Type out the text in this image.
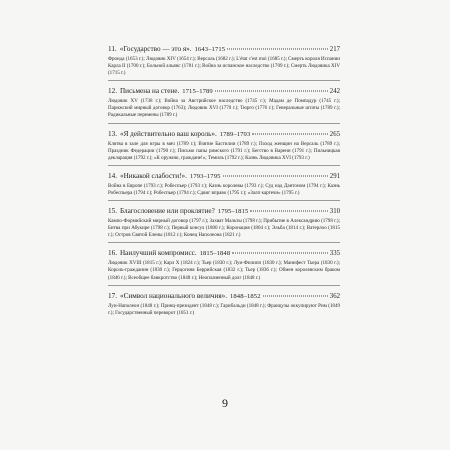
11. «Государство — это я». 1643–1715	217
Фронда (1653 г.); Людовик XIV (1654 г.); Версаль (1682 г.); L'état c'est moi (1685 г.); Смерть короля Испании Карла II (1700 г.); Больной альянс (1701 г.); Война за испанское наследство (1709 г.); Смерть Людовика XIV (1715 г.)
12. Письмена на стене. 1715–1789	242
Людовик XV (1738 г.); Война за Австрийское наследство (1745 г.); Мадам де Помпадур (1745 г.); Парижский мирный договор (1763); Людовик XVI (1770 г.); Тюрго (1776 г.); Генеральные штаты (1789 г.); Радикальные перемены (1789 г.)
13. «Я действительно ваш король». 1789–1793	265
Клятва в зале для игры в мяч (1789 г.); Взятие Бастилии (1789 г.); Поход женщин на Версаль (1789 г.); Праздник Федерации (1790 г.); Письмо папы римского (1791 г.); Бегство в Варенн (1791 г.); Пильницкая декларация (1792 г.); «К оружию, граждане!»; Темиль (1792 г.); Казнь Людовика XVI (1793 г.)
14. «Никакой слабости!». 1793–1795	291
Война в Европе (1793 г.); Робеспьер (1793 г.); Казнь королевы (1793 г.); Суд над Дантоном (1794 г.); Казнь Робеспьера (1794 г.); Робеспьер (1794 г.); Сдвиг вправо (1795 г.); «Залп картечи» (1795 г.)
15. Благословение или проклятие? 1795–1815	310
Кампо-Формийский мирный договор (1797 г.); Захват Мальты (1798 г.); Прибытие в Александрию (1798 г.); Битва при Абукире (1798 г.); Первый консул (1800 г.); Коронация (1804 г.); Эльба (1814 г.); Ватерлоо (1815 г.); Остров Святой Елены (1812 г.); Конец Наполеона (1821 г.)
16. Наилучший компромисс. 1815–1848	335
Людовик XVIII (1815 г.); Карл X (1824 г.); Тьер (1830 г.); Луи-Филипп (1830 г.); Манифест Тьера (1830 г.); Король-гражданин (1830 г.); Герцогиня Беррийская (1832 г.); Тьер (1836 г.); Обмен королевским браком (1846 г.); Всеобщее банкротство (1848 г.); Неоплаченный долг (1848 г.)
17. «Символ национального величия». 1848–1852	362
Луи-Наполеон (1848 г.); Принц-президент (1848 г.); Гарибальди (1848 г.); Французы оккупируют Рим (1849 г.); Государственный переворот (1851 г.)
9
